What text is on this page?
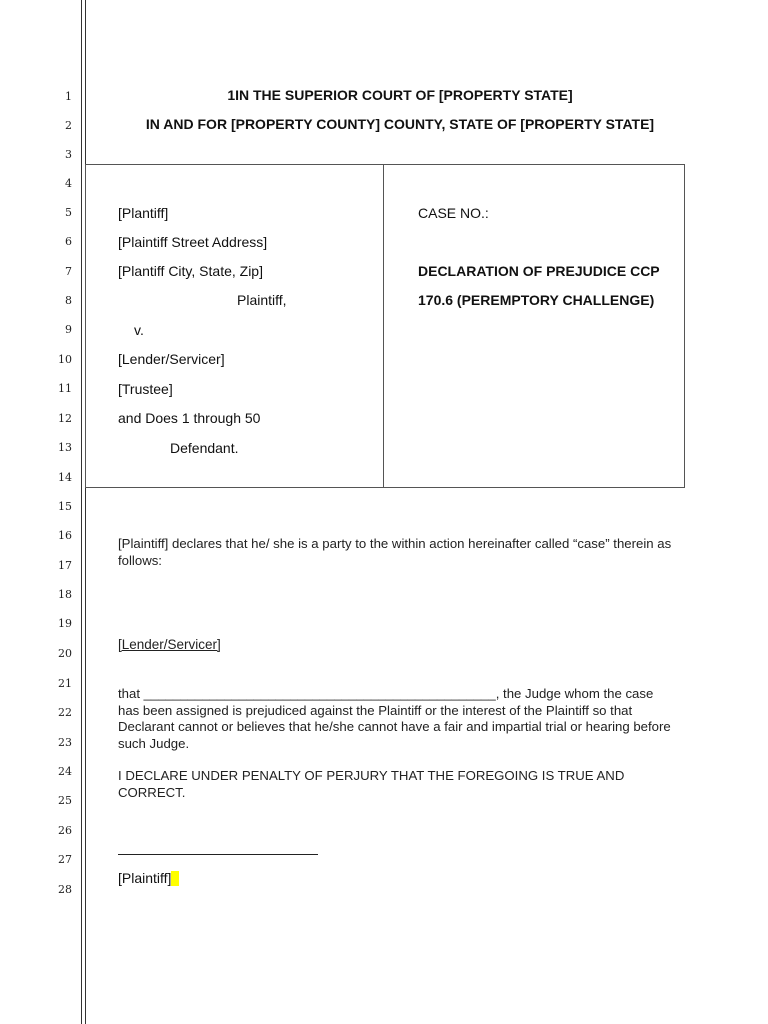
1
2
3
4
5
6
7
8
9
10
11
12
13
14
15
16
17
18
19
20
21
22
23
24
25
26
27
28
1IN THE SUPERIOR COURT OF [PROPERTY STATE]
IN AND FOR [PROPERTY COUNTY] COUNTY, STATE OF [PROPERTY STATE]
[Plantiff]
[Plaintiff Street Address]
[Plantiff City, State, Zip]
Plaintiff,
v.
[Lender/Servicer]
[Trustee]
and Does 1 through 50
Defendant.
CASE NO.:
DECLARATION OF PREJUDICE CCP
170.6 (PEREMPTORY CHALLENGE)
[Plaintiff] declares that he/ she is a party to the within action hereinafter called “case” therein as follows:
[Lender/Servicer]
that ________________________________________________, the Judge whom the case has been assigned is prejudiced against the Plaintiff or the interest of the Plaintiff so that Declarant cannot or believes that he/she cannot have a fair and impartial trial or hearing before such Judge.
I DECLARE UNDER PENALTY OF PERJURY THAT THE FOREGOING IS TRUE AND CORRECT.
[Plaintiff]
